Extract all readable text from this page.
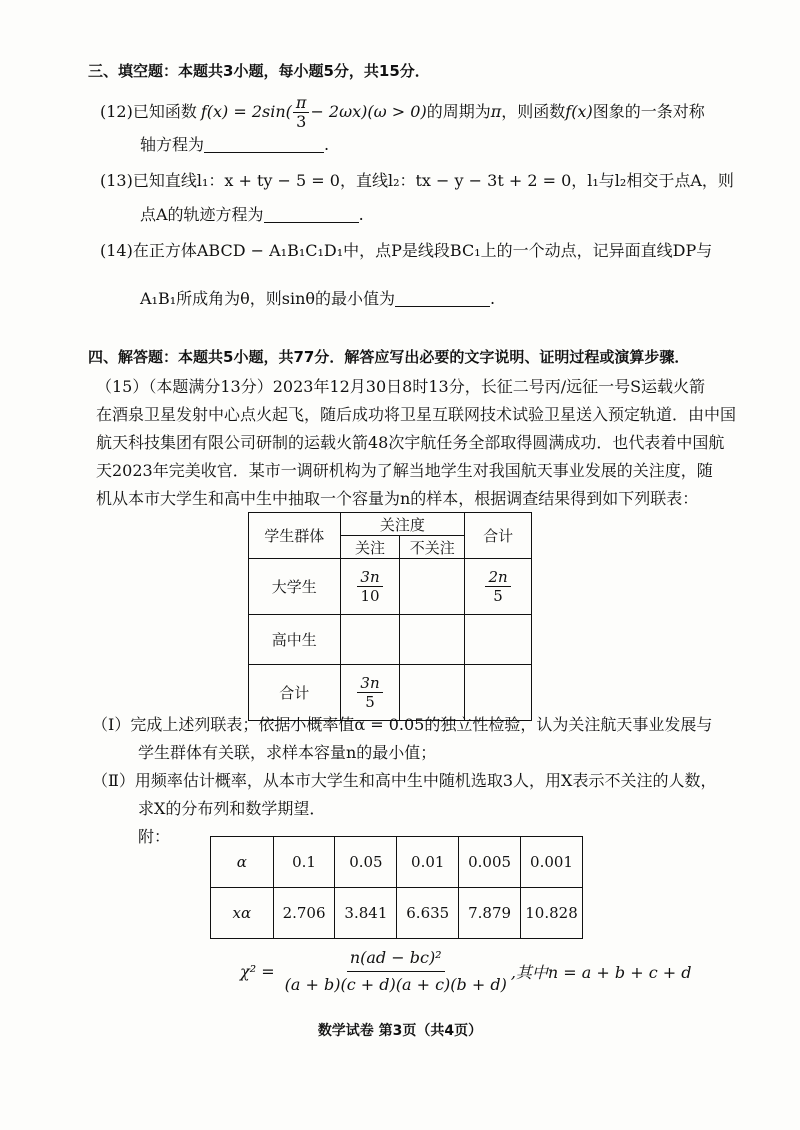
三、填空题：本题共3小题，每小题5分，共15分．
(12) 已知函数 $f(x) = 2\sin( \frac{\pi}{3} - 2\omega x)(\omega > 0)$ 的周期为 π ，则函数 f(x) 图象的一条对称
轴方程为	.
(13)已知直线l₁：x + ty − 5 = 0，直线l₂：tx − y − 3t + 2 = 0，l₁与l₂相交于点A，则
点A的轨迹方程为	.
(14)在正方体ABCD − A₁B₁C₁D₁中，点P是线段BC₁上的一个动点，记异面直线DP与
A₁B₁所成角为θ，则sinθ的最小值为	.
四、解答题：本题共5小题，共77分．解答应写出必要的文字说明、证明过程或演算步骤．
（15）（本题满分13分）2023年12月30日8时13分，长征二号丙/远征一号S运载火箭
在酒泉卫星发射中心点火起飞，随后成功将卫星互联网技术试验卫星送入预定轨道．由中国
航天科技集团有限公司研制的运载火箭48次宇航任务全部取得圆满成功．也代表着中国航
天2023年完美收官．某市一调研机构为了解当地学生对我国航天事业发展的关注度，随
机从本市大学生和高中生中抽取一个容量为n的样本，根据调查结果得到如下列联表：
学生群体	关注度		合计
	关注	不关注	
大学生	$\frac{3n}{10}$		$\frac{2n}{5}$

高中生			
合计	$\frac{3n}{5}$

（Ⅰ）完成上述列联表；依据小概率值α = 0.05的独立性检验，认为关注航天事业发展与
学生群体有关联，求样本容量n的最小值；
（Ⅱ）用频率估计概率，从本市大学生和高中生中随机选取3人，用X表示不关注的人数，
求X的分布列和数学期望．
附：
α	0.1	0.05	0.01	0.005	0.001
xα	2.706	3.841	6.635	7.879	10.828
$\chi^2 = \frac{\text{n(ad − bc)²}}{(a + b)(c + d)(a + c)(b + d)}$ ,其中n = a + b + c + d
数学试卷 第3页（共4页）
